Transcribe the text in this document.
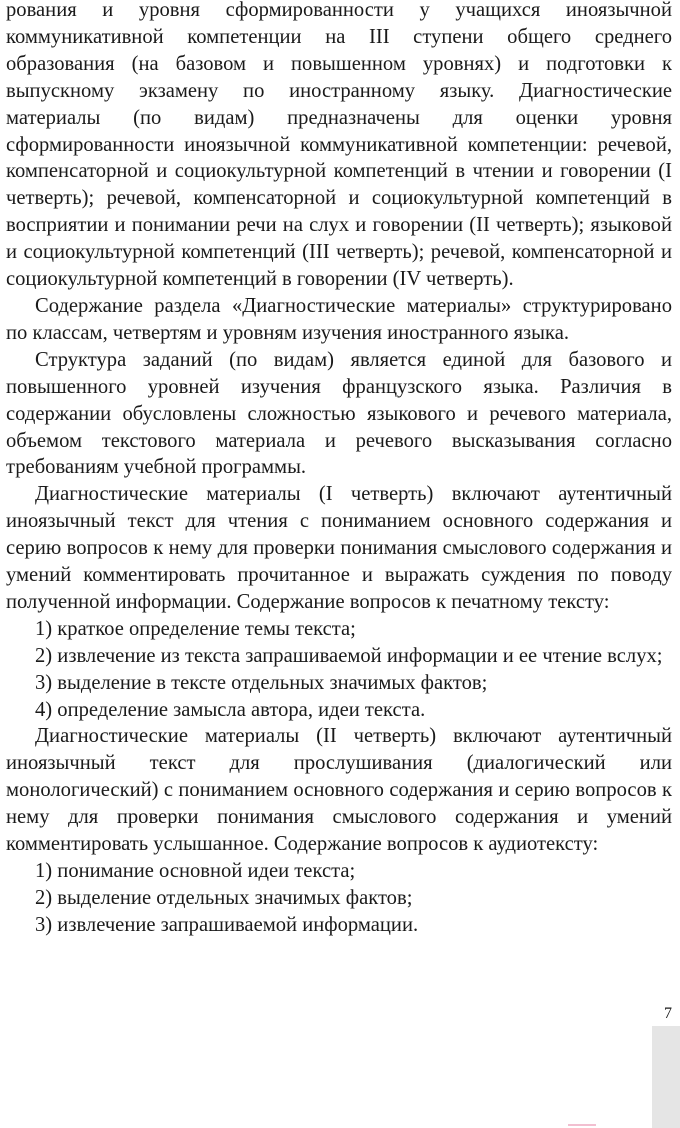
рования и уровня сформированности у учащихся иноязычной коммуникативной компетенции на III ступени общего среднего образования (на базовом и повышенном уровнях) и подготовки к выпускному экзамену по иностранному языку. Диагностические материалы (по видам) предназначены для оценки уровня сформированности иноязычной коммуникативной компетенции: речевой, компенсаторной и социокультурной компетенций в чтении и говорении (I четверть); речевой, компенсаторной и социокультурной компетенций в восприятии и понимании речи на слух и говорении (II четверть); языковой и социокультурной компетенций (III четверть); речевой, компенсаторной и социокультурной компетенций в говорении (IV четверть).

Содержание раздела «Диагностические материалы» структурировано по классам, четвертям и уровням изучения иностранного языка.

Структура заданий (по видам) является единой для базового и повышенного уровней изучения французского языка. Различия в содержании обусловлены сложностью языкового и речевого материала, объемом текстового материала и речевого высказывания согласно требованиям учебной программы.

Диагностические материалы (I четверть) включают аутентичный иноязычный текст для чтения с пониманием основного содержания и серию вопросов к нему для проверки понимания смыслового содержания и умений комментировать прочитанное и выражать суждения по поводу полученной информации. Содержание вопросов к печатному тексту:

1) краткое определение темы текста;

2) извлечение из текста запрашиваемой информации и ее чтение вслух;

3) выделение в тексте отдельных значимых фактов;

4) определение замысла автора, идеи текста.

Диагностические материалы (II четверть) включают аутентичный иноязычный текст для прослушивания (диалогический или монологический) с пониманием основного содержания и серию вопросов к нему для проверки понимания смыслового содержания и умений комментировать услышанное. Содержание вопросов к аудиотексту:

1) понимание основной идеи текста;

2) выделение отдельных значимых фактов;

3) извлечение запрашиваемой информации.

7
